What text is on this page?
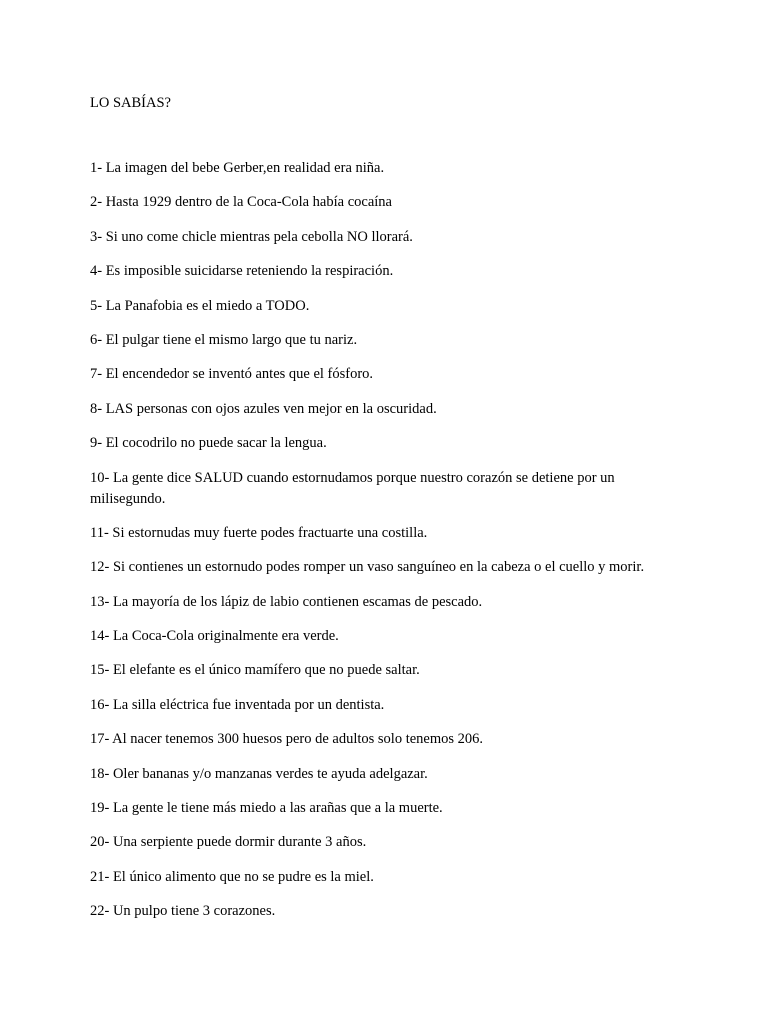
LO SABÍAS?
1- La imagen del bebe Gerber,en realidad era niña.
2- Hasta 1929 dentro de la Coca-Cola había cocaína
3- Si uno come chicle mientras pela cebolla NO llorará.
4- Es imposible suicidarse reteniendo la respiración.
5- La Panafobia es el miedo a TODO.
6- El pulgar tiene el mismo largo que tu nariz.
7- El encendedor se inventó antes que el fósforo.
8- LAS personas con ojos azules ven mejor en la oscuridad.
9- El cocodrilo no puede sacar la lengua.
10- La gente dice SALUD cuando estornudamos porque nuestro corazón se detiene por un milisegundo.
11- Si estornudas muy fuerte podes fractuarte una costilla.
12- Si contienes un estornudo podes romper un vaso sanguíneo en la cabeza o el cuello y morir.
13- La mayoría de los lápiz de labio contienen escamas de pescado.
14- La Coca-Cola originalmente era verde.
15- El elefante es el único mamífero que no puede saltar.
16- La silla eléctrica fue inventada por un dentista.
17- Al nacer tenemos 300 huesos pero de adultos solo tenemos 206.
18- Oler bananas y/o manzanas verdes te ayuda adelgazar.
19- La gente le tiene más miedo a las arañas que a la muerte.
20- Una serpiente puede dormir durante 3 años.
21- El único alimento que no se pudre es la miel.
22- Un pulpo tiene 3 corazones.
